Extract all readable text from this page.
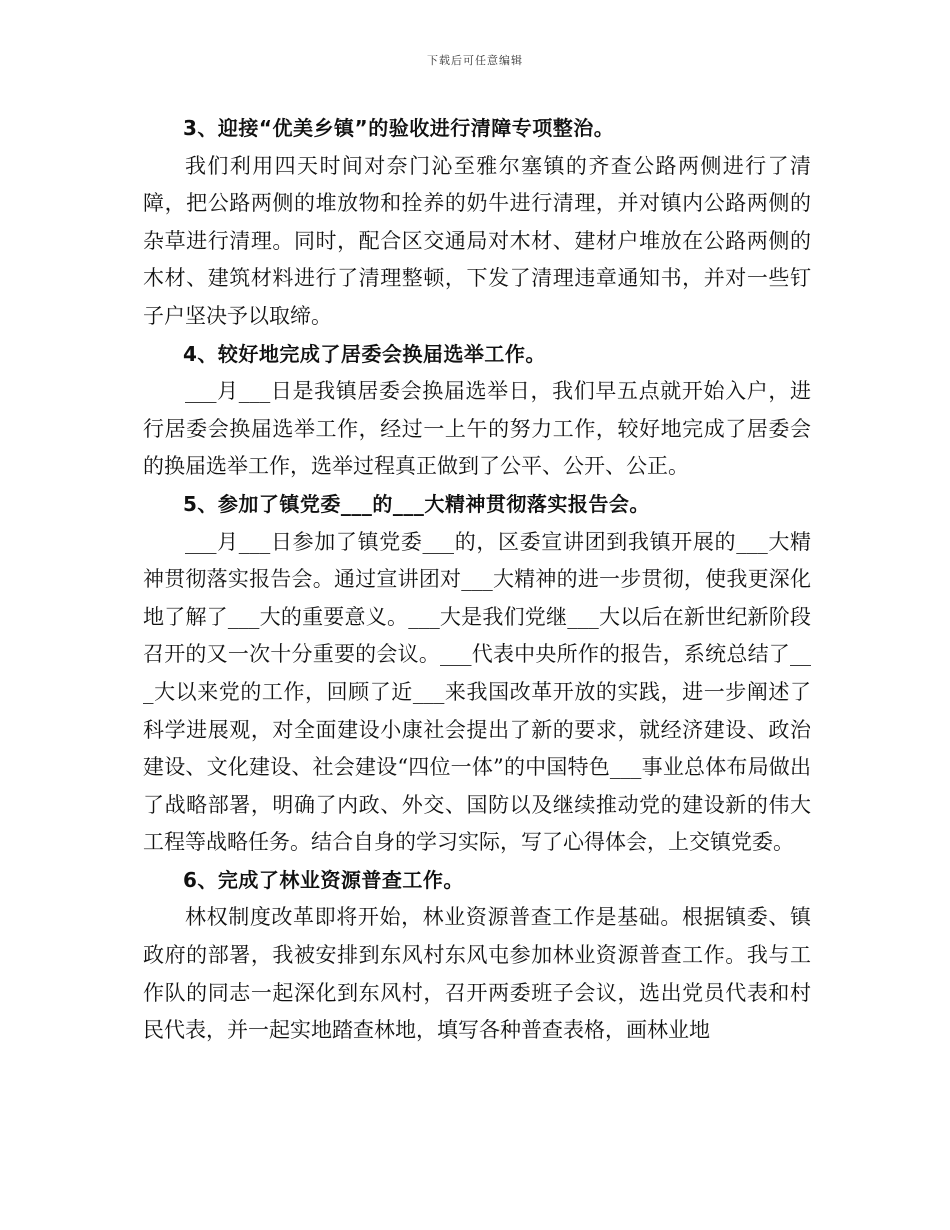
下载后可任意编辑

3、迎接“优美乡镇”的验收进行清障专项整治。

我们利用四天时间对奈门沁至雅尔塞镇的齐查公路两侧进行了清障，把公路两侧的堆放物和拴养的奶牛进行清理，并对镇内公路两侧的杂草进行清理。同时，配合区交通局对木材、建材户堆放在公路两侧的木材、建筑材料进行了清理整顿，下发了清理违章通知书，并对一些钉子户坚决予以取缔。

4、较好地完成了居委会换届选举工作。

___月___日是我镇居委会换届选举日，我们早五点就开始入户，进行居委会换届选举工作，经过一上午的努力工作，较好地完成了居委会的换届选举工作，选举过程真正做到了公平、公开、公正。

5、参加了镇党委___的___大精神贯彻落实报告会。

___月___日参加了镇党委___的，区委宣讲团到我镇开展的___大精神贯彻落实报告会。通过宣讲团对___大精神的进一步贯彻，使我更深化地了解了___大的重要意义。___大是我们党继___大以后在新世纪新阶段召开的又一次十分重要的会议。___代表中央所作的报告，系统总结了___大以来党的工作，回顾了近___来我国改革开放的实践，进一步阐述了科学进展观，对全面建设小康社会提出了新的要求，就经济建设、政治建设、文化建设、社会建设“四位一体”的中国特色___事业总体布局做出了战略部署，明确了内政、外交、国防以及继续推动党的建设新的伟大工程等战略任务。结合自身的学习实际，写了心得体会，上交镇党委。

6、完成了林业资源普查工作。

林权制度改革即将开始，林业资源普查工作是基础。根据镇委、镇政府的部署，我被安排到东风村东风屯参加林业资源普查工作。我与工作队的同志一起深化到东风村，召开两委班子会议，选出党员代表和村民代表，并一起实地踏查林地，填写各种普查表格，画林业地
